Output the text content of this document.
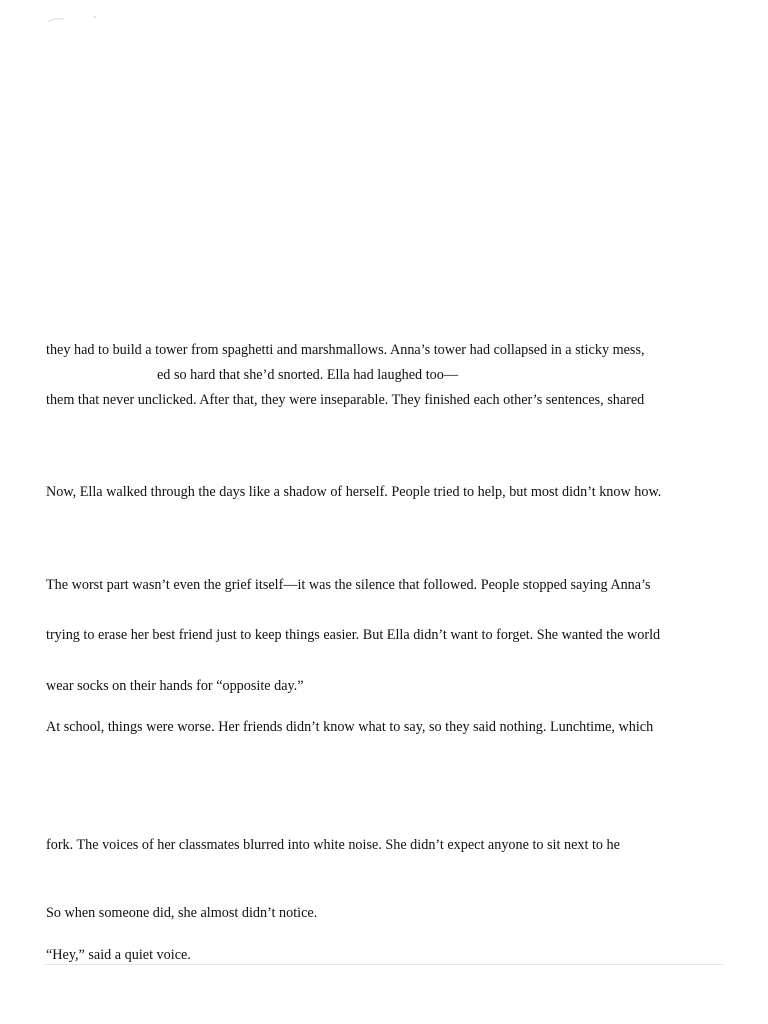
they had to build a tower from spaghetti and marshmallows. Anna’s tower had collapsed in a sticky mess,
ed so hard that she’d snorted. Ella had laughed too—
them that never unclicked. After that, they were inseparable. They finished each other’s sentences, shared
Now, Ella walked through the days like a shadow of herself. People tried to help, but most didn’t know how.
The worst part wasn’t even the grief itself—it was the silence that followed. People stopped saying Anna’s
trying to erase her best friend just to keep things easier. But Ella didn’t want to forget. She wanted the world
wear socks on their hands for “opposite day.”
At school, things were worse. Her friends didn’t know what to say, so they said nothing. Lunchtime, which
fork. The voices of her classmates blurred into white noise. She didn’t expect anyone to sit next to he
So when someone did, she almost didn’t notice.
“Hey,” said a quiet voice.
